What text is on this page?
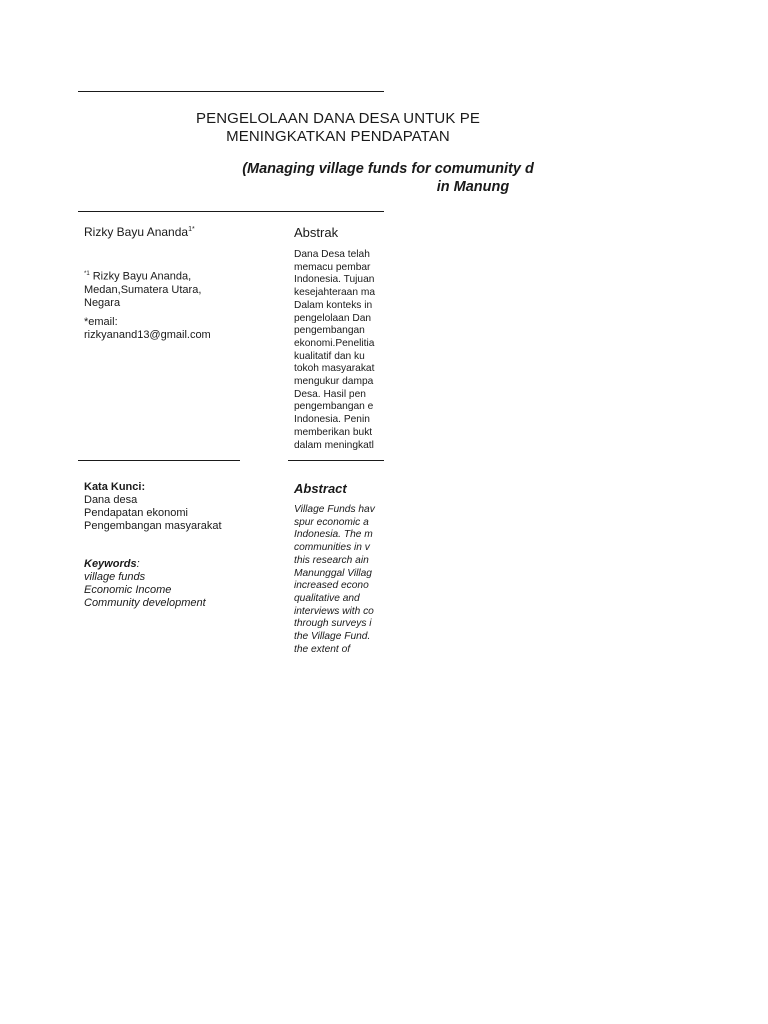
PENGELOLAAN DANA DESA UNTUK PE
MENINGKATKAN PENDAPATAN
(Managing village funds for comumunity d
in Manung
Rizky Bayu Ananda$^{1*}$
$^{*1}$ Rizky Bayu Ananda,
Medan,Sumatera Utara,
Negara
*email:
rizkyanand13@gmail.com
Abstrak
Dana Desa telah
memacu pembar
Indonesia. Tujuan
kesejahteraan ma
Dalam konteks in
pengelolaan Dan
pengembangan
ekonomi.Penelitia
kualitatif dan ku
tokoh masyarakat
mengukur dampa
Desa. Hasil pen
pengembangan e
Indonesia. Penin
memberikan bukt
dalam meningkatl
Kata Kunci:
Dana desa
Pendapatan ekonomi
Pengembangan masyarakat
Keywords:
village funds
Economic Income
Community development
Abstract
Village Funds hav
spur economic a
Indonesia. The m
communities in v
this research ain
Manunggal Villag
increased econo
qualitative and
interviews with co
through surveys i
the Village Fund.
the extent of
